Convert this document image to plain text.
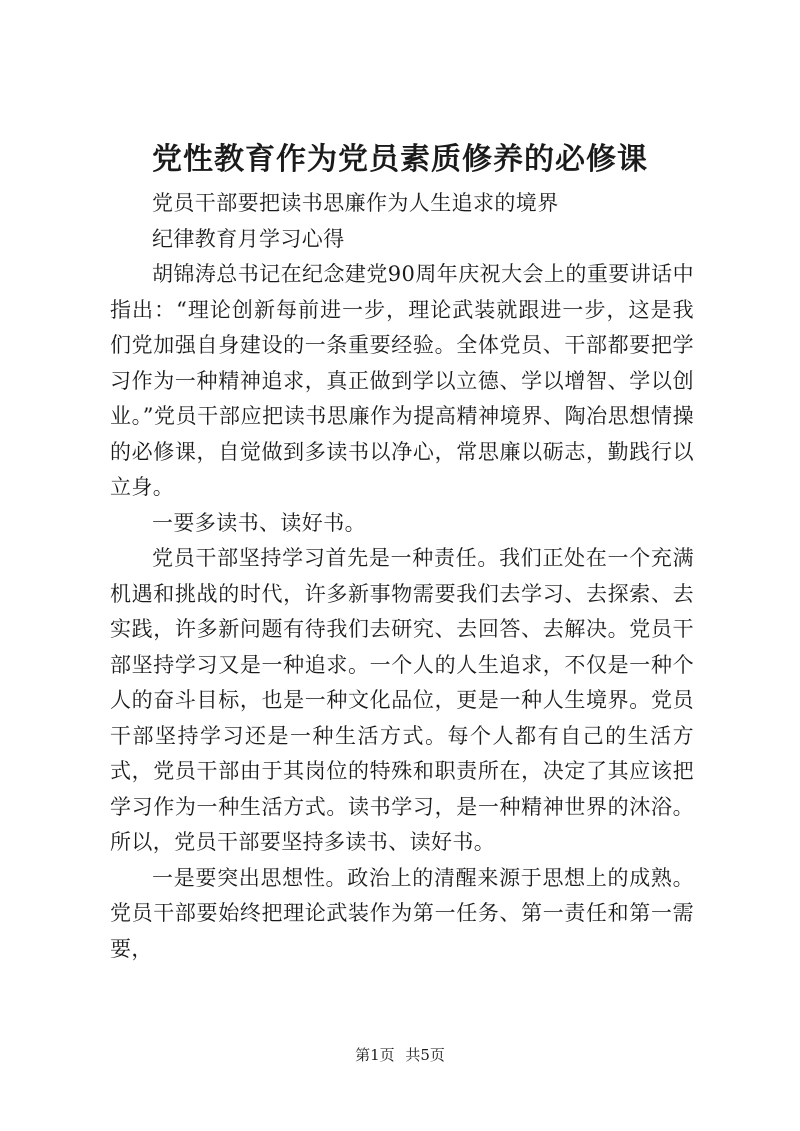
党性教育作为党员素质修养的必修课

党员干部要把读书思廉作为人生追求的境界

纪律教育月学习心得

胡锦涛总书记在纪念建党90周年庆祝大会上的重要讲话中指出：“理论创新每前进一步，理论武装就跟进一步，这是我们党加强自身建设的一条重要经验。全体党员、干部都要把学习作为一种精神追求，真正做到学以立德、学以增智、学以创业。”党员干部应把读书思廉作为提高精神境界、陶冶思想情操的必修课，自觉做到多读书以净心，常思廉以砺志，勤践行以立身。

一要多读书、读好书。

党员干部坚持学习首先是一种责任。我们正处在一个充满机遇和挑战的时代，许多新事物需要我们去学习、去探索、去实践，许多新问题有待我们去研究、去回答、去解决。党员干部坚持学习又是一种追求。一个人的人生追求，不仅是一种个人的奋斗目标，也是一种文化品位，更是一种人生境界。党员干部坚持学习还是一种生活方式。每个人都有自己的生活方式，党员干部由于其岗位的特殊和职责所在，决定了其应该把学习作为一种生活方式。读书学习，是一种精神世界的沐浴。所以，党员干部要坚持多读书、读好书。

一是要突出思想性。政治上的清醒来源于思想上的成熟。党员干部要始终把理论武装作为第一任务、第一责任和第一需要，

第1页 共5页
